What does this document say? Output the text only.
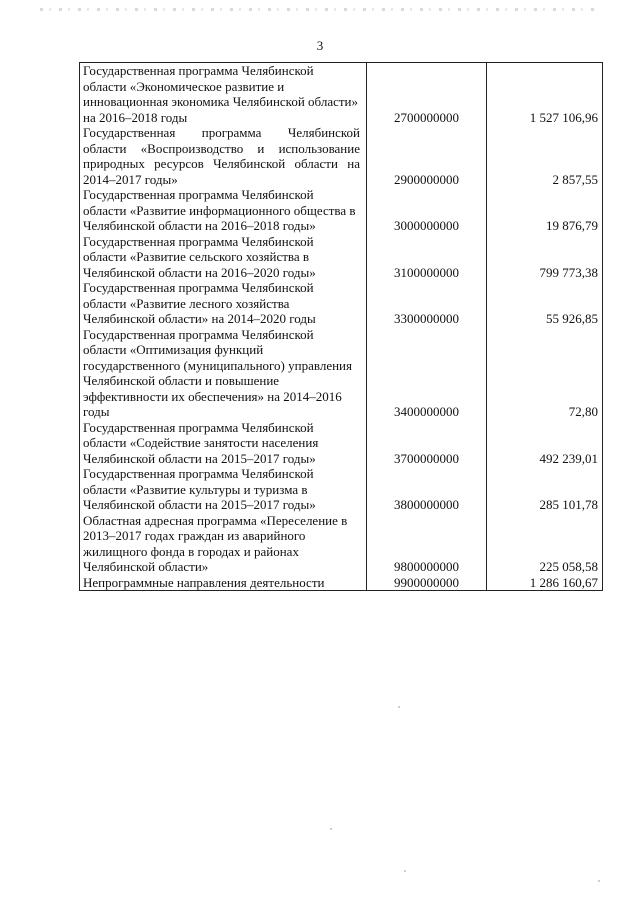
3
Государственная программа Челябинской области «Экономическое развитие и инновационная экономика Челябинской области» на 2016–2018 годы	2700000000	1 527 106,96
Государственная программа Челябинской области «Воспроизводство и использование природных ресурсов Челябинской области на 2014–2017 годы»	2900000000	2 857,55
Государственная программа Челябинской области «Развитие информационного общества в Челябинской области на 2016–2018 годы»	3000000000	19 876,79
Государственная программа Челябинской области «Развитие сельского хозяйства в Челябинской области на 2016–2020 годы»	3100000000	799 773,38
Государственная программа Челябинской области «Развитие лесного хозяйства Челябинской области» на 2014–2020 годы	3300000000	55 926,85
Государственная программа Челябинской области «Оптимизация функций государственного (муниципального) управления Челябинской области и повышение эффективности их обеспечения» на 2014–2016 годы	3400000000	72,80
Государственная программа Челябинской области «Содействие занятости населения Челябинской области на 2015–2017 годы»	3700000000	492 239,01
Государственная программа Челябинской области «Развитие культуры и туризма в Челябинской области на 2015–2017 годы»	3800000000	285 101,78
Областная адресная программа «Переселение в 2013–2017 годах граждан из аварийного жилищного фонда в городах и районах Челябинской области»	9800000000	225 058,58
Непрограммные направления деятельности	9900000000	1 286 160,67
